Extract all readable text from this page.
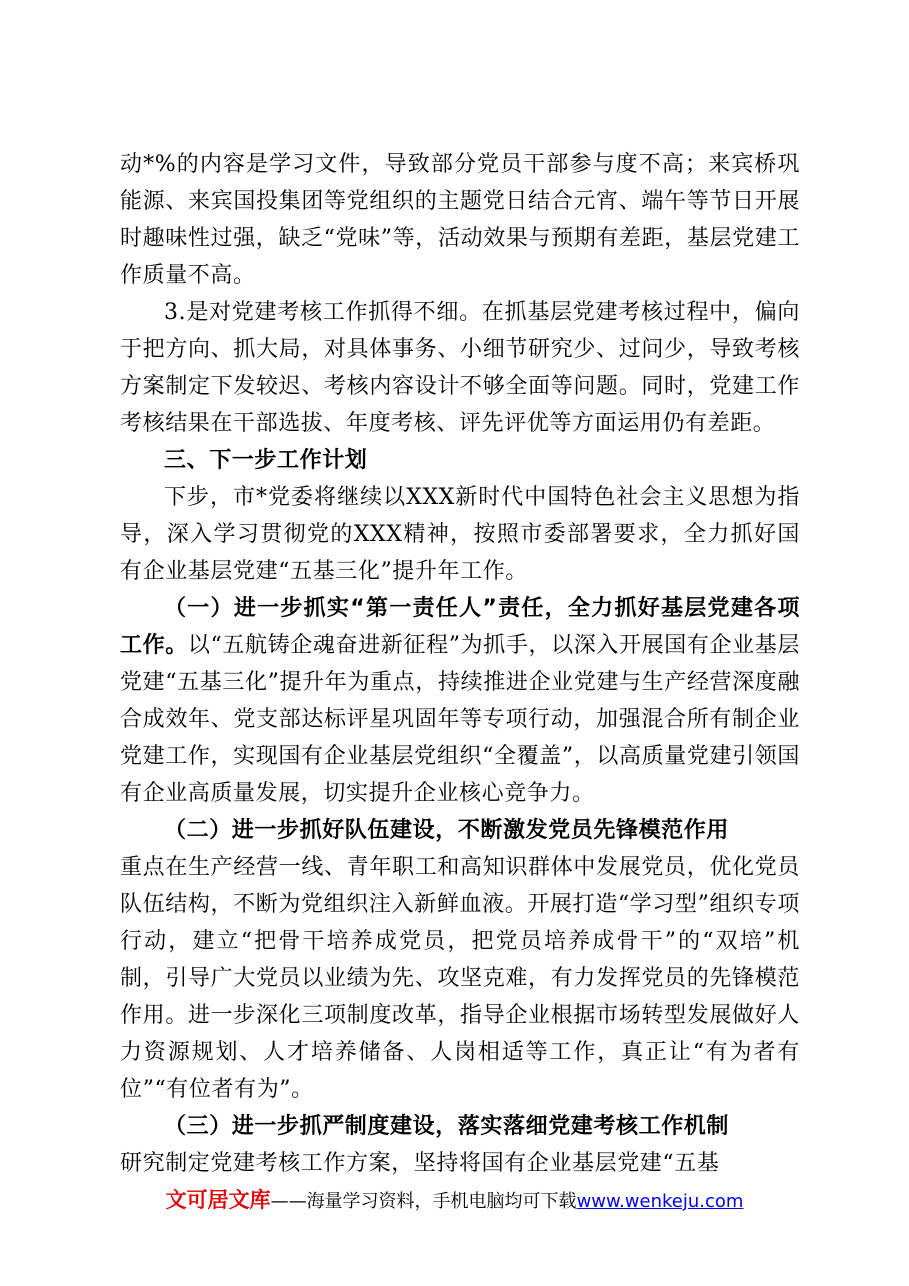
动*%的内容是学习文件，导致部分党员干部参与度不高；来宾桥巩能源、来宾国投集团等党组织的主题党日结合元宵、端午等节日开展时趣味性过强，缺乏“党味”等，活动效果与预期有差距，基层党建工作质量不高。

3.是对党建考核工作抓得不细。在抓基层党建考核过程中，偏向于把方向、抓大局，对具体事务、小细节研究少、过问少，导致考核方案制定下发较迟、考核内容设计不够全面等问题。同时，党建工作考核结果在干部选拔、年度考核、评先评优等方面运用仍有差距。

三、下一步工作计划

下步，市*党委将继续以XXX新时代中国特色社会主义思想为指导，深入学习贯彻党的XXX精神，按照市委部署要求，全力抓好国有企业基层党建“五基三化”提升年工作。

（一）进一步抓实“第一责任人”责任，全力抓好基层党建各项工作。以“五航铸企魂奋进新征程”为抓手，以深入开展国有企业基层党建“五基三化”提升年为重点，持续推进企业党建与生产经营深度融合成效年、党支部达标评星巩固年等专项行动，加强混合所有制企业党建工作，实现国有企业基层党组织“全覆盖”，以高质量党建引领国有企业高质量发展，切实提升企业核心竞争力。

（二）进一步抓好队伍建设，不断激发党员先锋模范作用
重点在生产经营一线、青年职工和高知识群体中发展党员，优化党员队伍结构，不断为党组织注入新鲜血液。开展打造“学习型”组织专项行动，建立“把骨干培养成党员，把党员培养成骨干”的“双培”机制，引导广大党员以业绩为先、攻坚克难，有力发挥党员的先锋模范作用。进一步深化三项制度改革，指导企业根据市场转型发展做好人力资源规划、人才培养储备、人岗相适等工作，真正让“有为者有位”“有位者有为”。

（三）进一步抓严制度建设，落实落细党建考核工作机制
研究制定党建考核工作方案，坚持将国有企业基层党建“五基

文可居文库——海量学习资料，手机电脑均可下载www.wenkeju.com
